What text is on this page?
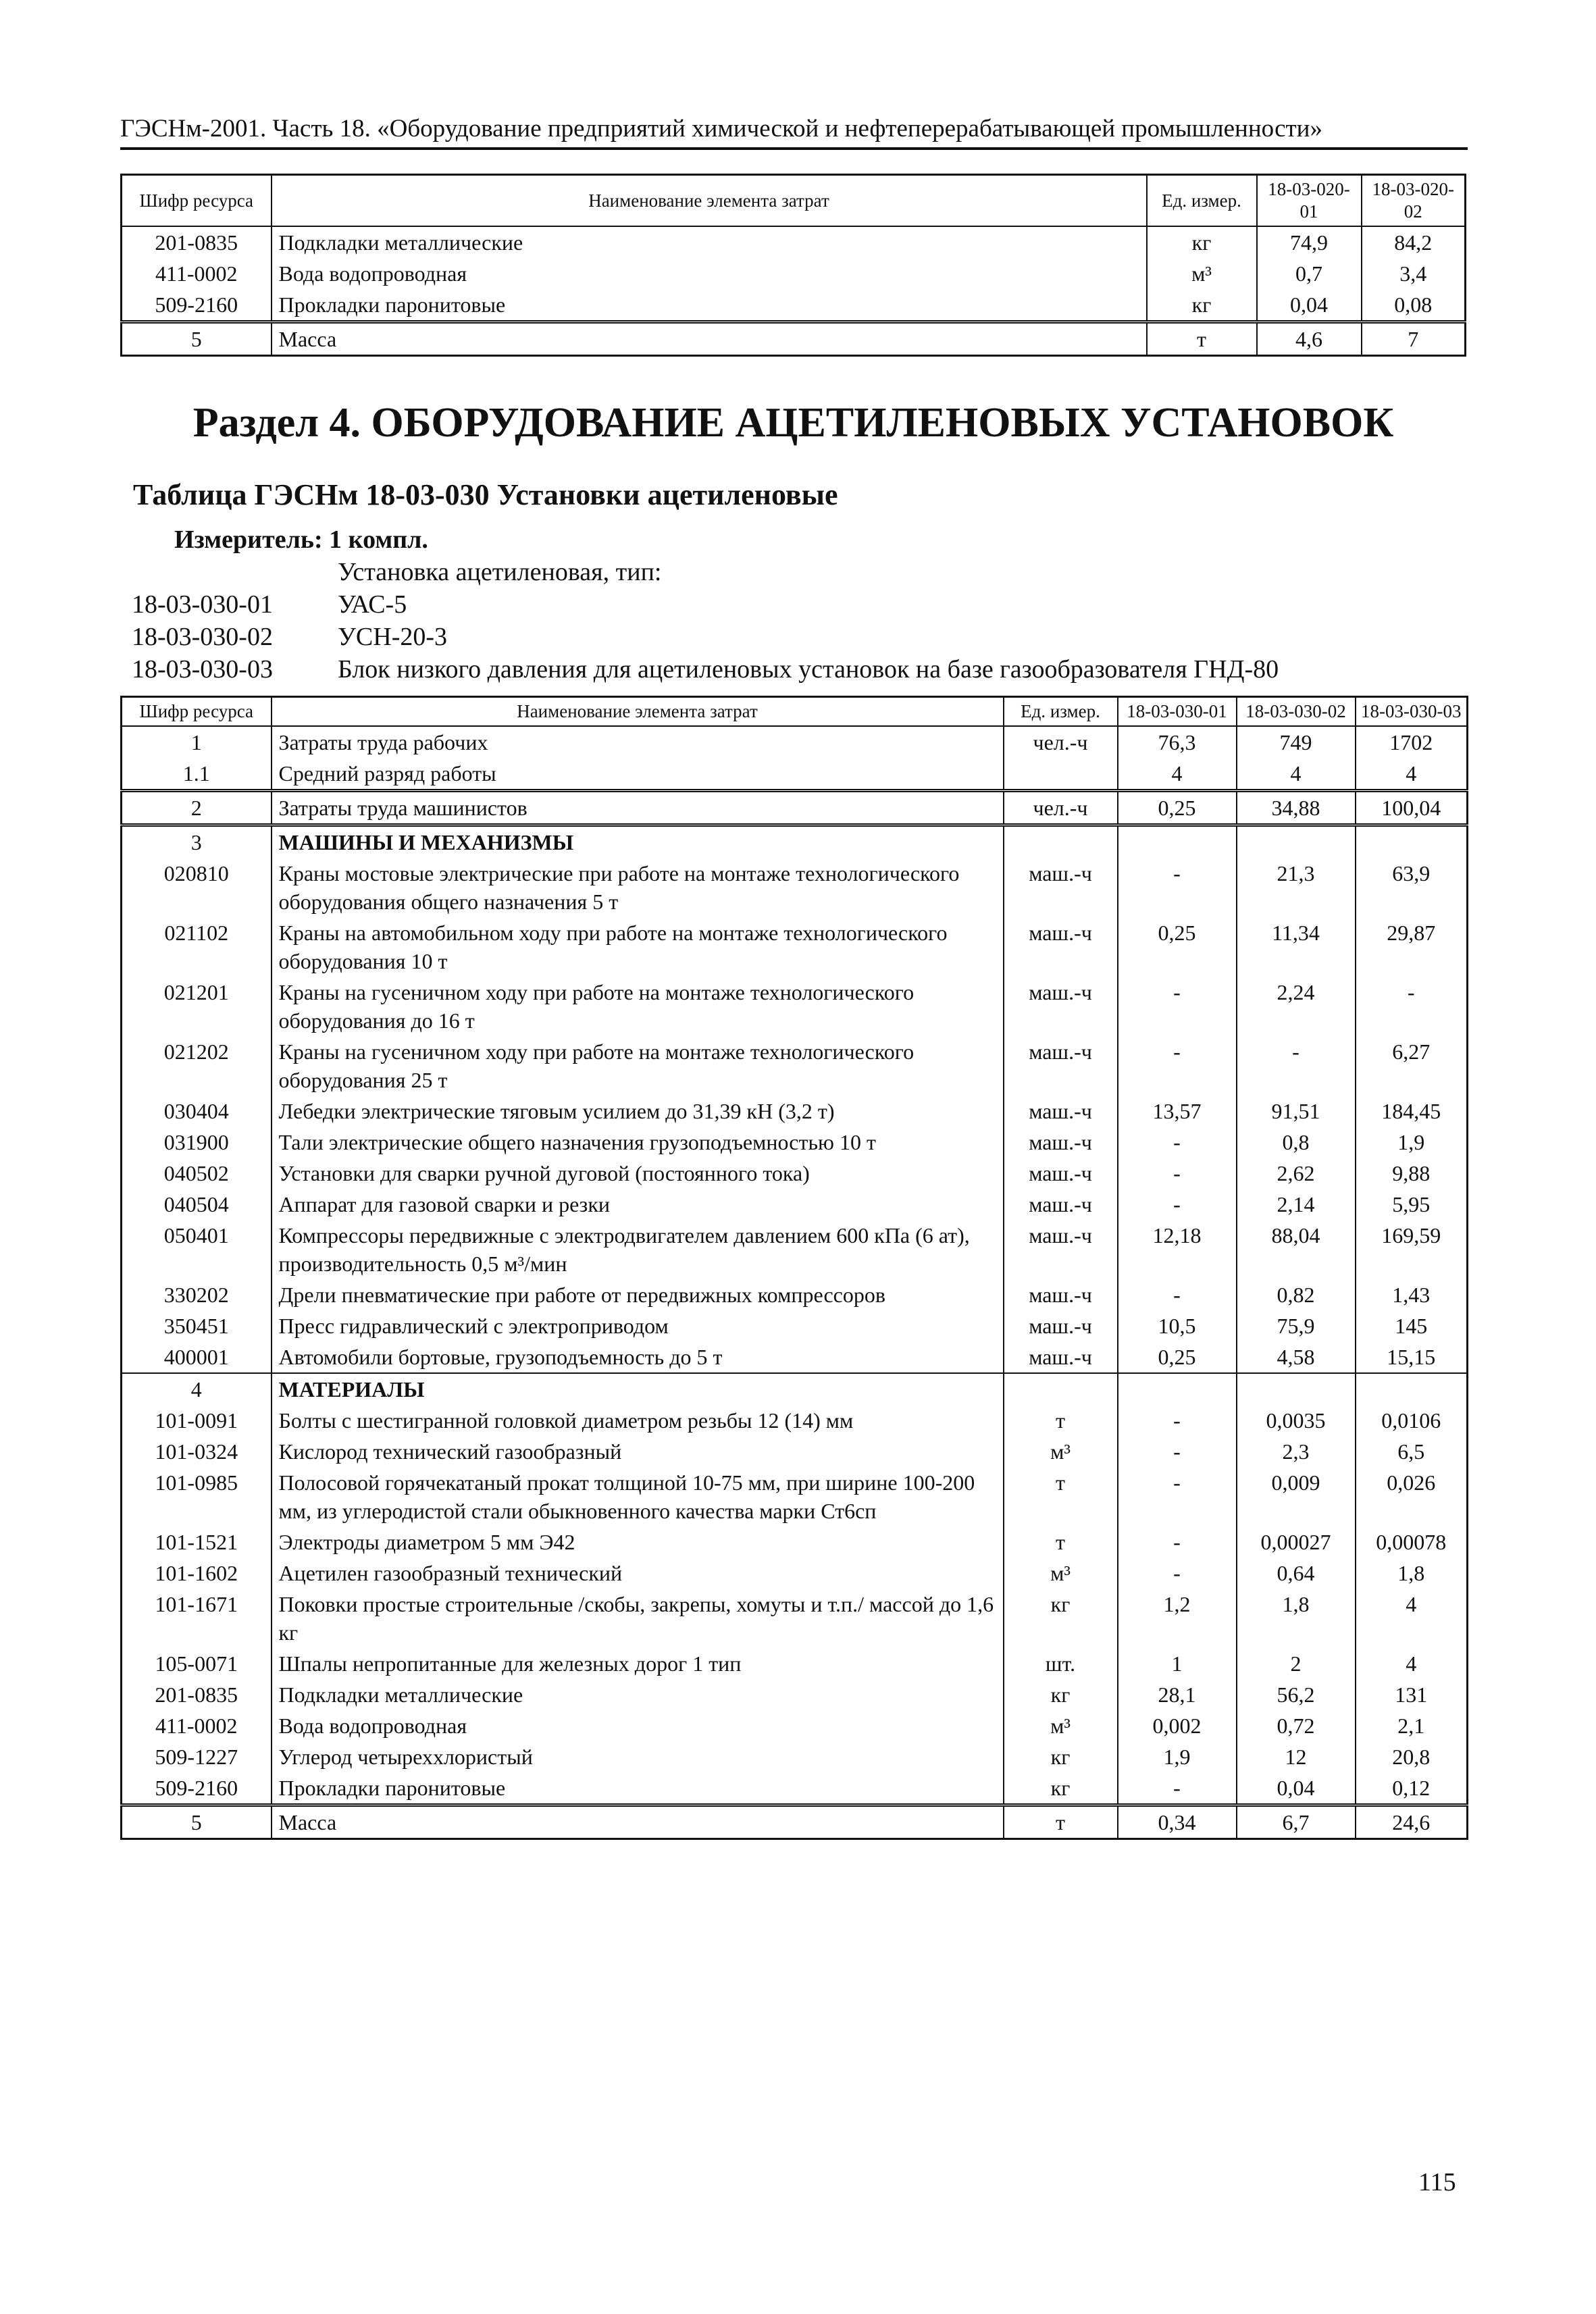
ГЭСНм-2001. Часть 18. «Оборудование предприятий химической и нефтеперерабатывающей промышленности»
Шифр ресурса	Наименование элемента затрат	Ед. измер.	18-03-020-01	18-03-020-02
201-0835	Подкладки металлические	кг	74,9	84,2
411-0002	Вода водопроводная	м³	0,7	3,4
509-2160	Прокладки паронитовые	кг	0,04	0,08
5	Масса	т	4,6	7
Раздел 4. ОБОРУДОВАНИЕ АЦЕТИЛЕНОВЫХ УСТАНОВОК
Таблица ГЭСНм 18-03-030 Установки ацетиленовые
Измеритель: 1 компл.
Установка ацетиленовая, тип:
18-03-030-01	УАС-5
18-03-030-02	УСН-20-3
18-03-030-03	Блок низкого давления для ацетиленовых установок на базе газообразователя ГНД-80
Шифр ресурса	Наименование элемента затрат	Ед. измер.	18-03-030-01	18-03-030-02	18-03-030-03
1	Затраты труда рабочих	чел.-ч	76,3	749	1702
1.1	Средний разряд работы		4	4	4
2	Затраты труда машинистов	чел.-ч	0,25	34,88	100,04
3	МАШИНЫ И МЕХАНИЗМЫ				
020810	Краны мостовые электрические при работе на монтаже технологического оборудования общего назначения 5 т	маш.-ч	-	21,3	63,9
021102	Краны на автомобильном ходу при работе на монтаже технологического оборудования 10 т	маш.-ч	0,25	11,34	29,87
021201	Краны на гусеничном ходу при работе на монтаже технологического оборудования до 16 т	маш.-ч	-	2,24	-
021202	Краны на гусеничном ходу при работе на монтаже технологического оборудования 25 т	маш.-ч	-	-	6,27
030404	Лебедки электрические тяговым усилием до 31,39 кН (3,2 т)	маш.-ч	13,57	91,51	184,45
031900	Тали электрические общего назначения грузоподъемностью 10 т	маш.-ч	-	0,8	1,9
040502	Установки для сварки ручной дуговой (постоянного тока)	маш.-ч	-	2,62	9,88
040504	Аппарат для газовой сварки и резки	маш.-ч	-	2,14	5,95
050401	Компрессоры передвижные с электродвигателем давлением 600 кПа (6 ат), производительность 0,5 м³/мин	маш.-ч	12,18	88,04	169,59
330202	Дрели пневматические при работе от передвижных компрессоров	маш.-ч	-	0,82	1,43
350451	Пресс гидравлический с электроприводом	маш.-ч	10,5	75,9	145
400001	Автомобили бортовые, грузоподъемность до 5 т	маш.-ч	0,25	4,58	15,15
4	МАТЕРИАЛЫ				
101-0091	Болты с шестигранной головкой диаметром резьбы 12 (14) мм	т	-	0,0035	0,0106
101-0324	Кислород технический газообразный	м³	-	2,3	6,5
101-0985	Полосовой горячекатаный прокат толщиной 10-75 мм, при ширине 100-200 мм, из углеродистой стали обыкновенного качества марки Ст6сп	т	-	0,009	0,026
101-1521	Электроды диаметром 5 мм Э42	т	-	0,00027	0,00078
101-1602	Ацетилен газообразный технический	м³	-	0,64	1,8
101-1671	Поковки простые строительные /скобы, закрепы, хомуты и т.п./ массой до 1,6 кг	кг	1,2	1,8	4
105-0071	Шпалы непропитанные для железных дорог 1 тип	шт.	1	2	4
201-0835	Подкладки металлические	кг	28,1	56,2	131
411-0002	Вода водопроводная	м³	0,002	0,72	2,1
509-1227	Углерод четыреххлористый	кг	1,9	12	20,8
509-2160	Прокладки паронитовые	кг	-	0,04	0,12
5	Масса	т	0,34	6,7	24,6
115
